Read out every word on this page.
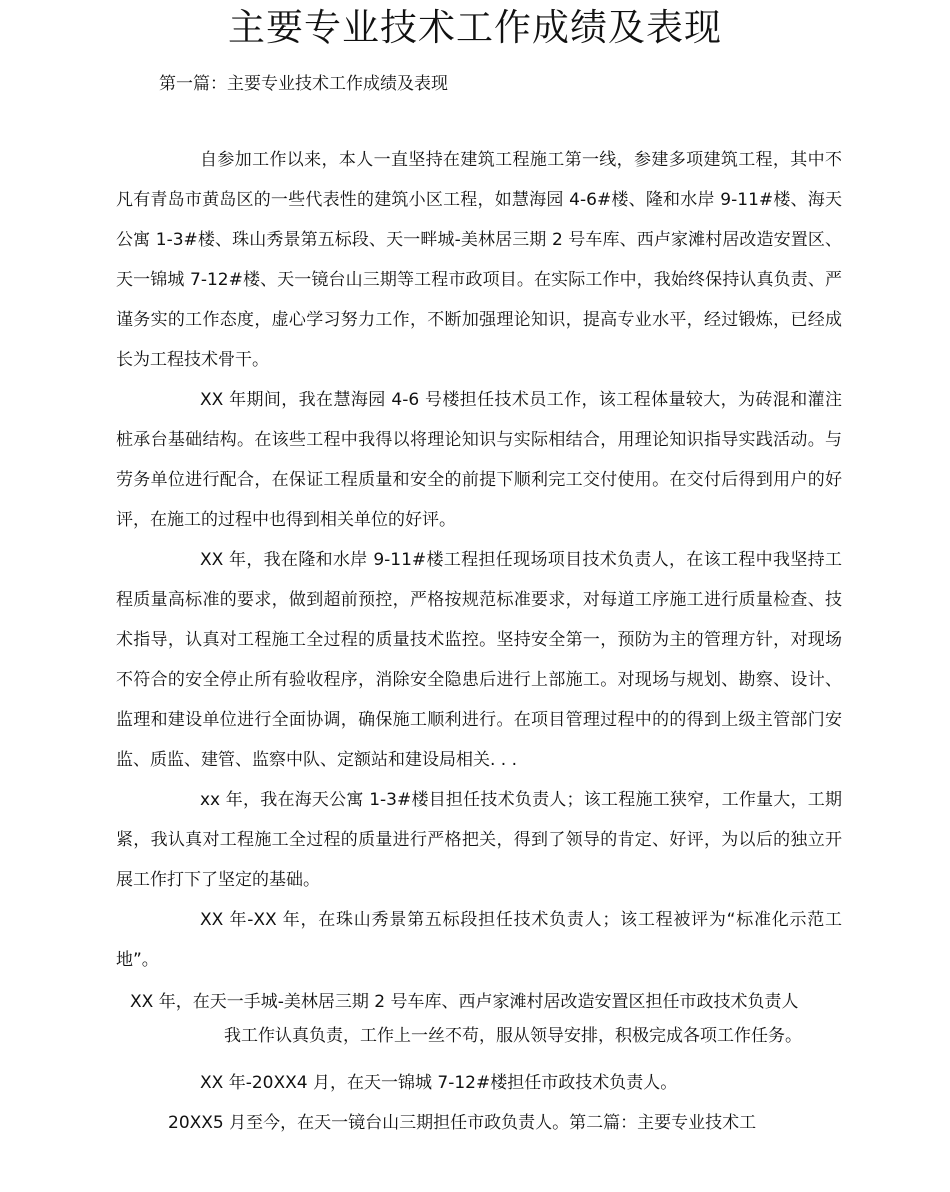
主要专业技术工作成绩及表现
第一篇：主要专业技术工作成绩及表现

自参加工作以来，本人一直坚持在建筑工程施工第一线，参建多项建筑工程，其中不凡有青岛市黄岛区的一些代表性的建筑小区工程，如慧海园 4-6#楼、隆和水岸 9-11#楼、海天公寓 1-3#楼、珠山秀景第五标段、天一畔城-美林居三期 2 号车库、西卢家滩村居改造安置区、天一锦城 7-12#楼、天一镜台山三期等工程市政项目。在实际工作中，我始终保持认真负责、严谨务实的工作态度，虚心学习努力工作，不断加强理论知识，提高专业水平，经过锻炼，已经成长为工程技术骨干。

XX 年期间，我在慧海园 4-6 号楼担任技术员工作，该工程体量较大，为砖混和灌注桩承台基础结构。在该些工程中我得以将理论知识与实际相结合，用理论知识指导实践活动。与劳务单位进行配合，在保证工程质量和安全的前提下顺利完工交付使用。在交付后得到用户的好评，在施工的过程中也得到相关单位的好评。

XX 年，我在隆和水岸 9-11#楼工程担任现场项目技术负责人，在该工程中我坚持工程质量高标准的要求，做到超前预控，严格按规范标准要求，对每道工序施工进行质量检查、技术指导，认真对工程施工全过程的质量技术监控。坚持安全第一，预防为主的管理方针，对现场不符合的安全停止所有验收程序，消除安全隐患后进行上部施工。对现场与规划、勘察、设计、监理和建设单位进行全面协调，确保施工顺利进行。在项目管理过程中的的得到上级主管部门安监、质监、建管、监察中队、定额站和建设局相关. . .

xx 年，我在海天公寓 1-3#楼目担任技术负责人；该工程施工狭窄，工作量大，工期紧，我认真对工程施工全过程的质量进行严格把关，得到了领导的肯定、好评，为以后的独立开展工作打下了坚定的基础。

XX 年-XX 年，在珠山秀景第五标段担任技术负责人；该工程被评为“标准化示范工地”。

XX 年，在天一手城-美林居三期 2 号车库、西卢家滩村居改造安置区担任市政技术负责人

我工作认真负责，工作上一丝不苟，服从领导安排，积极完成各项工作任务。

XX 年-20XX4 月，在天一锦城 7-12#楼担任市政技术负责人。

20XX5 月至今，在天一镜台山三期担任市政负责人。第二篇：主要专业技术工
